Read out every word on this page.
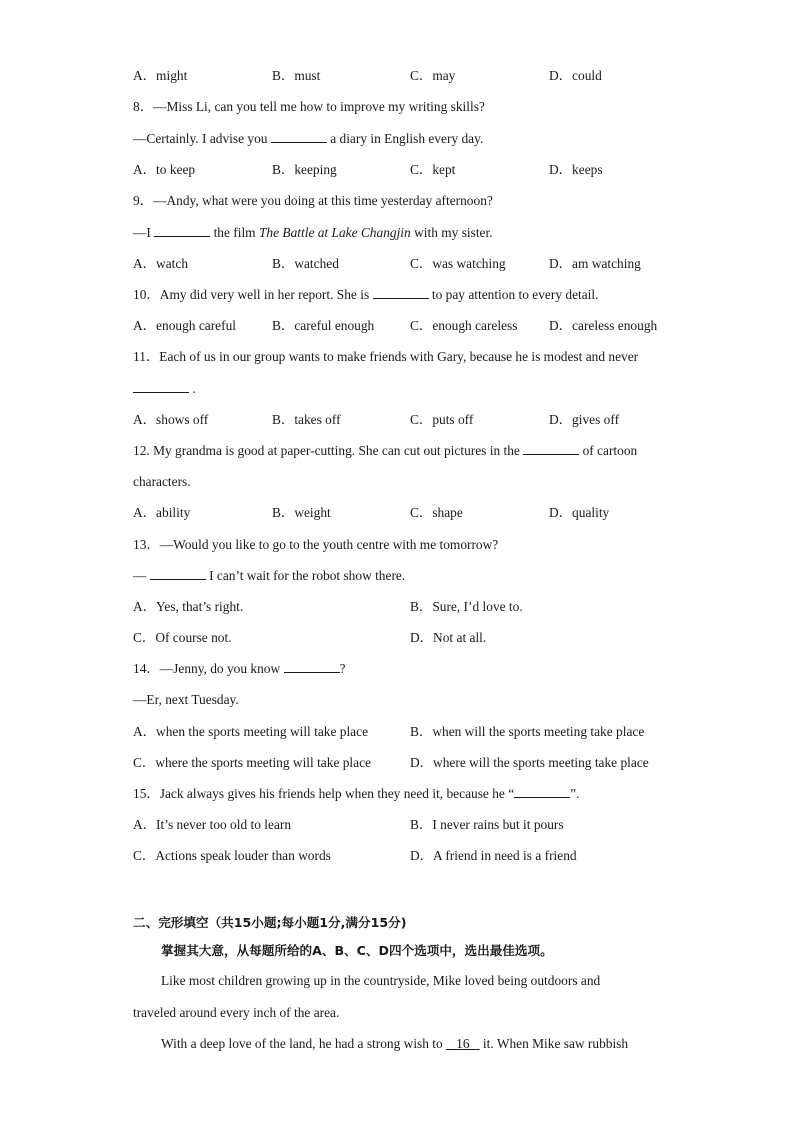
A．might	B．must	C．may	D．could
8．—Miss Li, can you tell me how to improve my writing skills?
—Certainly. I advise you	a diary in English every day.
A．to keep	B．keeping	C．kept	D．keeps
9．—Andy, what were you doing at this time yesterday afternoon?
—I	the film The Battle at Lake Changjin with my sister.
A．watch	B．watched	C．was watching	D．am watching
10．Amy did very well in her report. She is	to pay attention to every detail.
A．enough careful	B．careful enough	C．enough careless D．careless enough
11．Each of us in our group wants to make friends with Gary, because he is modest and never
.
A．shows off	B．takes off	C．puts off	D．gives off
12. My grandma is good at paper-cutting. She can cut out pictures in the	of cartoon
characters.
A．ability	B．weight	C．shape	D．quality
13．—Would you like to go to the youth centre with me tomorrow?
—	I can’t wait for the robot show there.
A．Yes, that’s right.	B．Sure, I’d love to.
C．Of course not.	D．Not at all.
14．—Jenny, do you know	?
—Er, next Tuesday.
A．when the sports meeting will take place	B．when will the sports meeting take place
C．where the sports meeting will take place	D．where will the sports meeting take place
15．Jack always gives his friends help when they need it, because he “	”.
A．It’s never too old to learn	B．I never rains but it pours
C．Actions speak louder than words	D．A friend in need is a friend
二、完形填空（共15小题;每小题1分,满分15分)
掌握其大意，从每题所给的A、B、C、D四个选项中，选出最佳选项。
Like most children growing up in the countryside, Mike loved being outdoors and
traveled around every inch of the area.
With a deep love of the land, he had a strong wish to 16 it. When Mike saw rubbish
